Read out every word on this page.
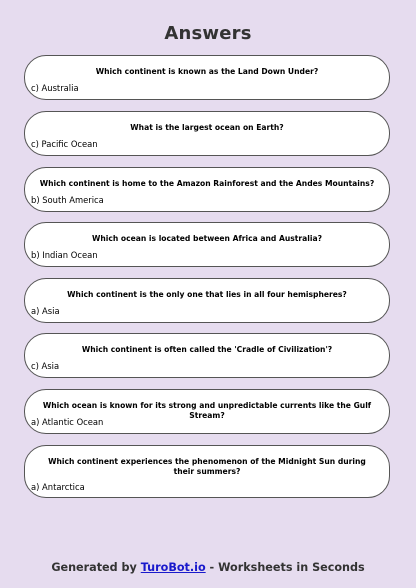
Answers
Which continent is known as the Land Down Under?
c) Australia
What is the largest ocean on Earth?
c) Pacific Ocean
Which continent is home to the Amazon Rainforest and the Andes Mountains?
b) South America
Which ocean is located between Africa and Australia?
b) Indian Ocean
Which continent is the only one that lies in all four hemispheres?
a) Asia
Which continent is often called the 'Cradle of Civilization'?
c) Asia
Which ocean is known for its strong and unpredictable currents like the Gulf Stream?
a) Atlantic Ocean
Which continent experiences the phenomenon of the Midnight Sun during their summers?
a) Antarctica
Generated by TuroBot.io - Worksheets in Seconds
